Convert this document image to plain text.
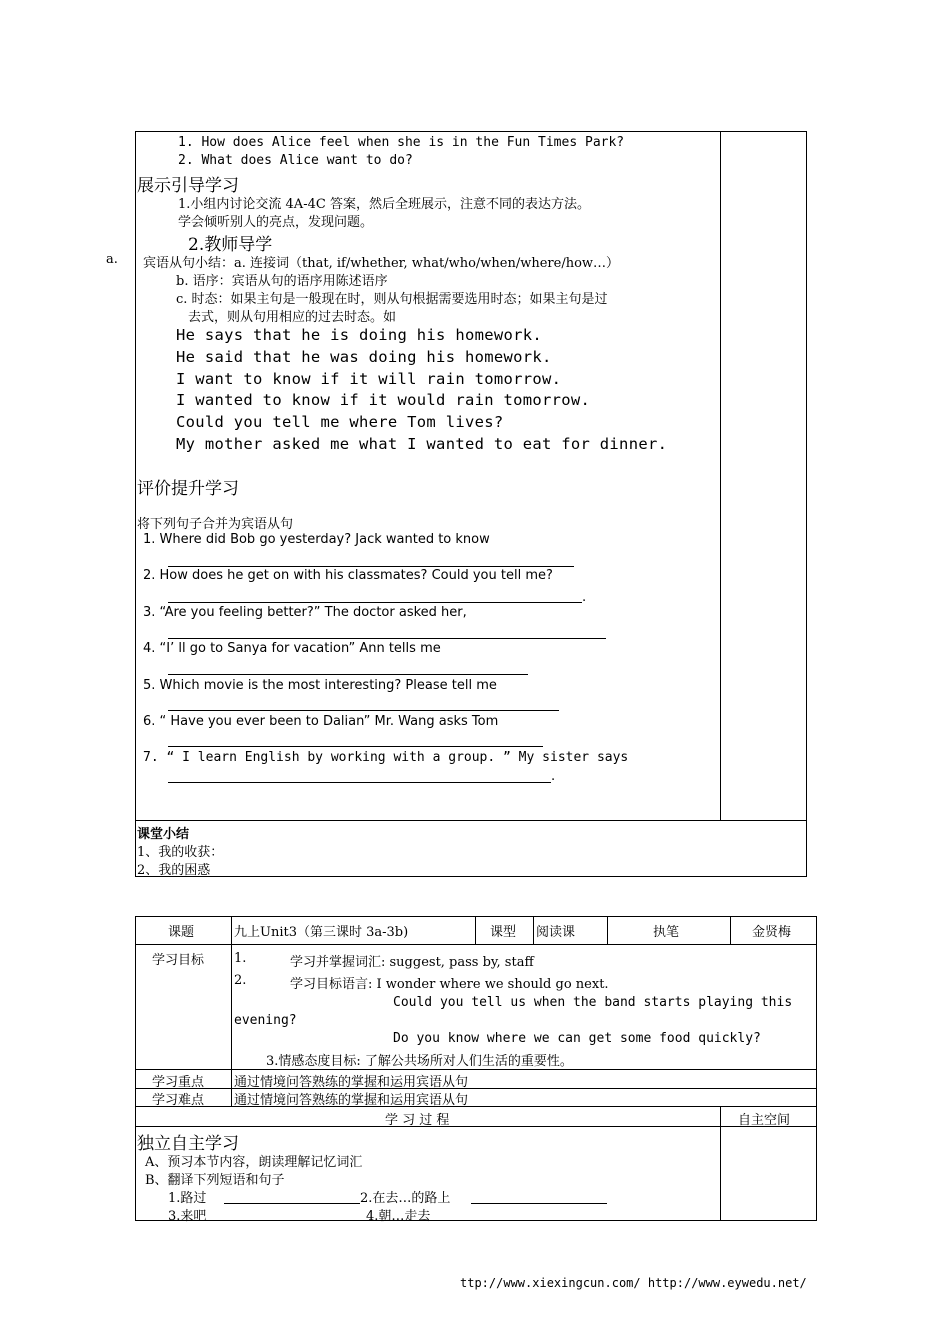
1. How does Alice feel when she is in the Fun Times Park?
2. What does Alice want to do?
展示引导学习
1.小组内讨论交流 4A-4C 答案，然后全班展示，注意不同的表达方法。
学会倾听别人的亮点，发现问题。
2.教师导学
a. 宾语从句小结：a. 连接词（that, if/whether, what/who/when/where/how…）
b. 语序：宾语从句的语序用陈述语序
c. 时态：如果主句是一般现在时，则从句根据需要选用时态；如果主句是过
去式，则从句用相应的过去时态。如
He says that he is doing his homework.
He said that he was doing his homework.
I want to know if it will rain tomorrow.
I wanted to know if it would rain tomorrow.
Could you tell me where Tom lives?
My mother asked me what I wanted to eat for dinner.
评价提升学习
将下列句子合并为宾语从句
1. Where did Bob go yesterday? Jack wanted to know
2. How does he get on with his classmates? Could you tell me?
.
3. “Are you feeling better?” The doctor asked her,
4. “I’ ll go to Sanya for vacation” Ann tells me
5. Which movie is the most interesting? Please tell me
6. “ Have you ever been to Dalian” Mr. Wang asks Tom
7. “ I learn English by working with a group. ” My sister says
.
课堂小结
1、我的收获：
2、我的困惑
课题	九上Unit3（第三课时 3a-3b)	课型 阅读课	执笔	金贤梅
学习目标 1.	学习并掌握词汇: suggest, pass by, staff
2.	学习目标语言: I wonder where we should go next.
Could you tell us when the band starts playing this
evening?
Do you know where we can get some food quickly?
3.情感态度目标: 了解公共场所对人们生活的重要性。
学习重点 通过情境问答熟练的掌握和运用宾语从句
学习难点 通过情境问答熟练的掌握和运用宾语从句
学 习 过 程	自主空间
独立自主学习
A、预习本节内容，朗读理解记忆词汇
B、翻译下列短语和句子
1.路过	2.在去…的路上
3.来吧	4.朝…走去
ttp://www.xiexingcun.com/ http://www.eywedu.net/
